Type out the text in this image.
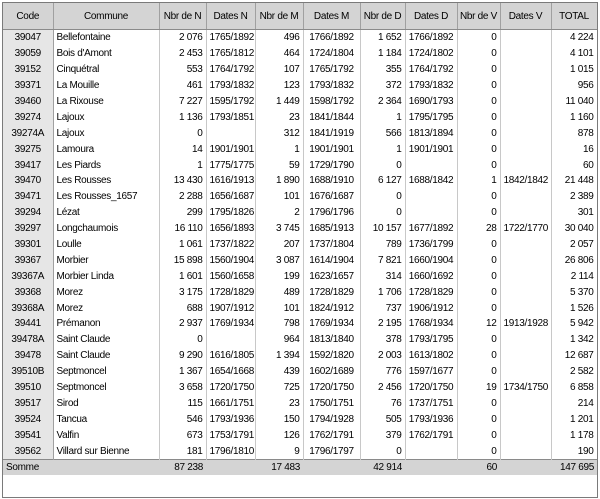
Code	Commune	Nbr de N	Dates N	Nbr de M	Dates M	Nbr de D	Dates D	Nbr de V	Dates V	TOTAL
39047	Bellefontaine	2 076	1765/1892	496	1766/1892	1 652	1766/1892	0		4 224
39059	Bois d'Amont	2 453	1765/1812	464	1724/1804	1 184	1724/1802	0		4 101
39152	Cinquétral	553	1764/1792	107	1765/1792	355	1764/1792	0		1 015
39371	La Mouille	461	1793/1832	123	1793/1832	372	1793/1832	0		956
39460	La Rixouse	7 227	1595/1792	1 449	1598/1792	2 364	1690/1793	0		11 040
39274	Lajoux	1 136	1793/1851	23	1841/1844	1	1795/1795	0		1 160
39274A	Lajoux	0		312	1841/1919	566	1813/1894	0		878
39275	Lamoura	14	1901/1901	1	1901/1901	1	1901/1901	0		16
39417	Les Piards	1	1775/1775	59	1729/1790	0		0		60
39470	Les Rousses	13 430	1616/1913	1 890	1688/1910	6 127	1688/1842	1	1842/1842	21 448
39471	Les Rousses_1657	2 288	1656/1687	101	1676/1687	0		0		2 389
39294	Lézat	299	1795/1826	2	1796/1796	0		0		301
39297	Longchaumois	16 110	1656/1893	3 745	1685/1913	10 157	1677/1892	28	1722/1770	30 040
39301	Loulle	1 061	1737/1822	207	1737/1804	789	1736/1799	0		2 057
39367	Morbier	15 898	1560/1904	3 087	1614/1904	7 821	1660/1904	0		26 806
39367A	Morbier Linda	1 601	1560/1658	199	1623/1657	314	1660/1692	0		2 114
39368	Morez	3 175	1728/1829	489	1728/1829	1 706	1728/1829	0		5 370
39368A	Morez	688	1907/1912	101	1824/1912	737	1906/1912	0		1 526
39441	Prémanon	2 937	1769/1934	798	1769/1934	2 195	1768/1934	12	1913/1928	5 942
39478A	Saint Claude	0		964	1813/1840	378	1793/1795	0		1 342
39478	Saint Claude	9 290	1616/1805	1 394	1592/1820	2 003	1613/1802	0		12 687
39510B	Septmoncel	1 367	1654/1668	439	1602/1689	776	1597/1677	0		2 582
39510	Septmoncel	3 658	1720/1750	725	1720/1750	2 456	1720/1750	19	1734/1750	6 858
39517	Sirod	115	1661/1751	23	1750/1751	76	1737/1751	0		214
39524	Tancua	546	1793/1936	150	1794/1928	505	1793/1936	0		1 201
39541	Valfin	673	1753/1791	126	1762/1791	379	1762/1791	0		1 178
39562	Villard sur Bienne	181	1796/1810	9	1796/1797	0		0		190
Somme		87 238		17 483		42 914		60		147 695
